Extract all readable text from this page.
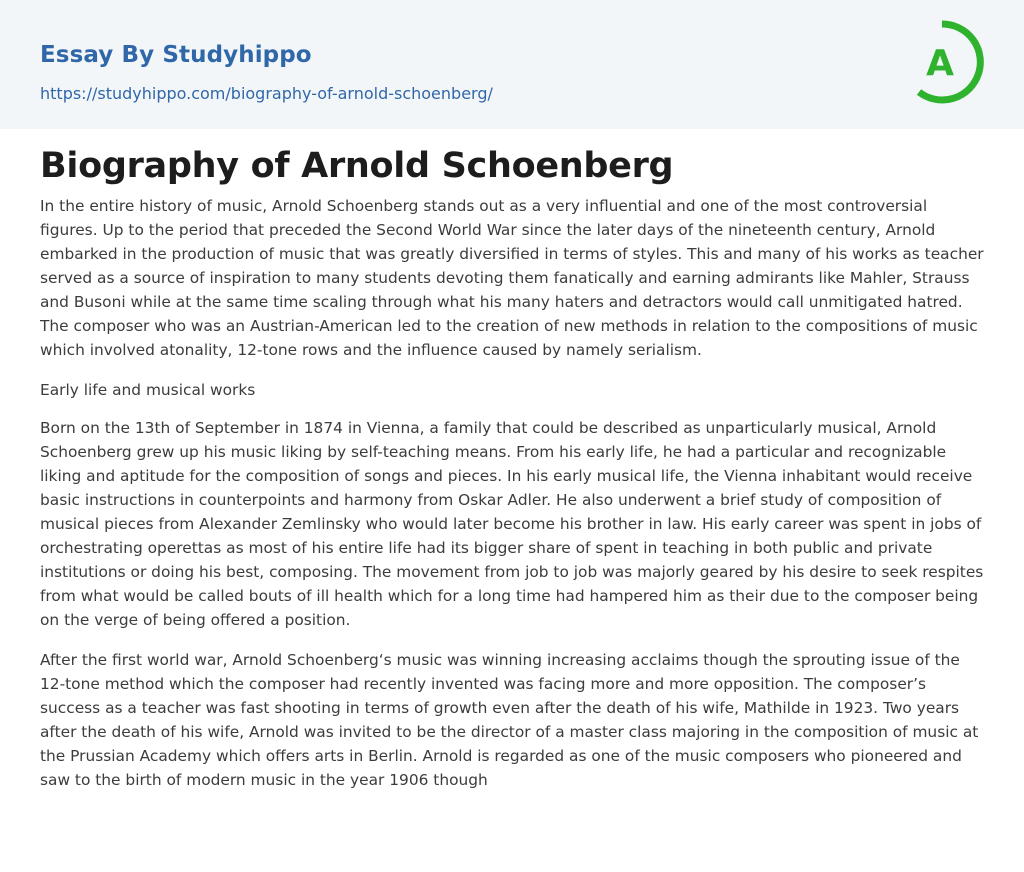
Essay By Studyhippo
https://studyhippo.com/biography-of-arnold-schoenberg/
A
Biography of Arnold Schoenberg

In the entire history of music, Arnold Schoenberg stands out as a very influential and one of the most controversial figures. Up to the period that preceded the Second World War since the later days of the nineteenth century, Arnold embarked in the production of music that was greatly diversified in terms of styles. This and many of his works as teacher served as a source of inspiration to many students devoting them fanatically and earning admirants like Mahler, Strauss and Busoni while at the same time scaling through what his many haters and detractors would call unmitigated hatred. The composer who was an Austrian-American led to the creation of new methods in relation to the compositions of music which involved atonality, 12-tone rows and the influence caused by namely serialism.

Early life and musical works

Born on the 13th of September in 1874 in Vienna, a family that could be described as unparticularly musical, Arnold Schoenberg grew up his music liking by self-teaching means. From his early life, he had a particular and recognizable liking and aptitude for the composition of songs and pieces. In his early musical life, the Vienna inhabitant would receive basic instructions in counterpoints and harmony from Oskar Adler. He also underwent a brief study of composition of musical pieces from Alexander Zemlinsky who would later become his brother in law. His early career was spent in jobs of orchestrating operettas as most of his entire life had its bigger share of spent in teaching in both public and private institutions or doing his best, composing. The movement from job to job was majorly geared by his desire to seek respites from what would be called bouts of ill health which for a long time had hampered him as their due to the composer being on the verge of being offered a position.

After the first world war, Arnold Schoenberg‘s music was winning increasing acclaims though the sprouting issue of the 12-tone method which the composer had recently invented was facing more and more opposition. The composer’s success as a teacher was fast shooting in terms of growth even after the death of his wife, Mathilde in 1923. Two years after the death of his wife, Arnold was invited to be the director of a master class majoring in the composition of music at the Prussian Academy which offers arts in Berlin. Arnold is regarded as one of the music composers who pioneered and saw to the birth of modern music in the year 1906 though
